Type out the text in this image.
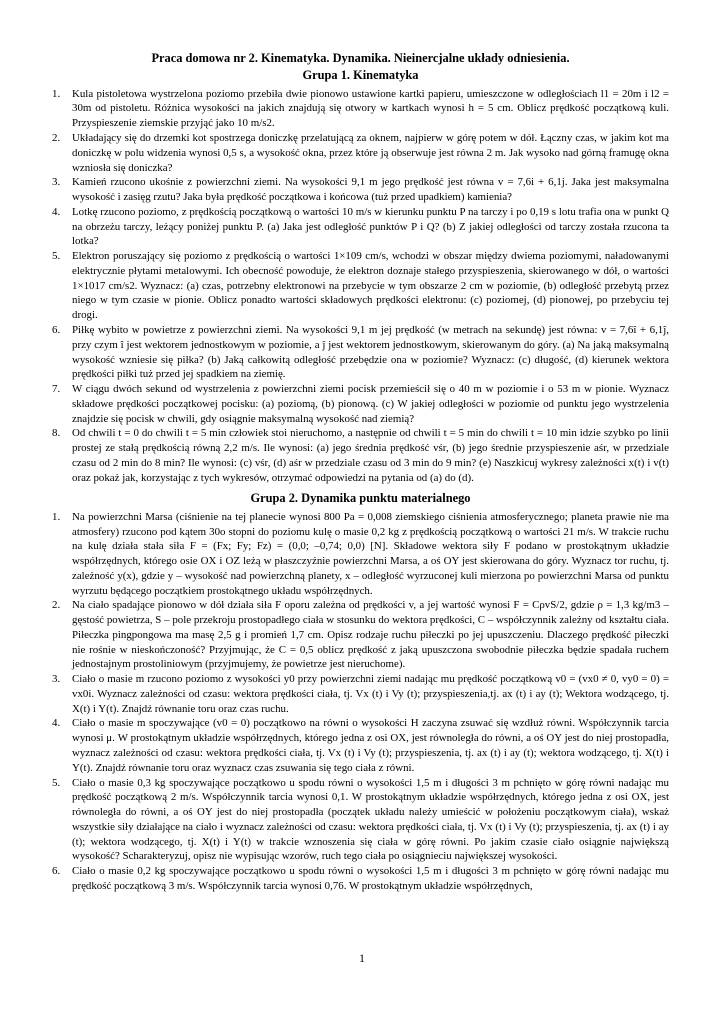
Praca domowa nr 2. Kinematyka. Dynamika. Nieinercjalne układy odniesienia.
Grupa 1. Kinematyka
1.	Kula pistoletowa wystrzelona poziomo przebiła dwie pionowo ustawione kartki papieru, umieszczone w odległościach l1 = 20m i l2 = 30m od pistoletu. Różnica wysokości na jakich znajdują się otwory w kartkach wynosi h = 5 cm. Oblicz prędkość początkową kuli. Przyspieszenie ziemskie przyjąć jako 10 m/s2.
2.	Układający się do drzemki kot spostrzega doniczkę przelatującą za oknem, najpierw w górę potem w dół. Łączny czas, w jakim kot ma doniczkę w polu widzenia wynosi 0,5 s, a wysokość okna, przez które ją obserwuje jest równa 2 m. Jak wysoko nad górną framugę okna wzniosła się doniczka?
3.	Kamień rzucono ukośnie z powierzchni ziemi. Na wysokości 9,1 m jego prędkość jest równa v = 7,6i + 6,1j. Jaka jest maksymalna wysokość i zasięg rzutu? Jaka była prędkość początkowa i końcowa (tuż przed upadkiem) kamienia?
4.	Lotkę rzucono poziomo, z prędkością początkową o wartości 10 m/s w kierunku punktu P na tarczy i po 0,19 s lotu trafia ona w punkt Q na obrzeżu tarczy, leżący poniżej punktu P. (a) Jaka jest odległość punktów P i Q? (b) Z jakiej odległości od tarczy została rzucona ta lotka?
5.	Elektron poruszający się poziomo z prędkością o wartości 1×109 cm/s, wchodzi w obszar między dwiema poziomymi, naładowanymi elektrycznie płytami metalowymi. Ich obecność powoduje, że elektron doznaje stałego przyspieszenia, skierowanego w dół, o wartości 1×1017 cm/s2. Wyznacz: (a) czas, potrzebny elektronowi na przebycie w tym obszarze 2 cm w poziomie, (b) odległość przebytą przez niego w tym czasie w pionie. Oblicz ponadto wartości składowych prędkości elektronu: (c) poziomej, (d) pionowej, po przebyciu tej drogi.
6.	Piłkę wybito w powietrze z powierzchni ziemi. Na wysokości 9,1 m jej prędkość (w metrach na sekundę) jest równa: v = 7,6î + 6,1ĵ, przy czym î jest wektorem jednostkowym w poziomie, a ĵ jest wektorem jednostkowym, skierowanym do góry. (a) Na jaką maksymalną wysokość wzniesie się piłka? (b) Jaką całkowitą odległość przebędzie ona w poziomie? Wyznacz: (c) długość, (d) kierunek wektora prędkości piłki tuż przed jej spadkiem na ziemię.
7.	W ciągu dwóch sekund od wystrzelenia z powierzchni ziemi pocisk przemieścił się o 40 m w poziomie i o 53 m w pionie. Wyznacz składowe prędkości początkowej pocisku: (a) poziomą, (b) pionową. (c) W jakiej odległości w poziomie od punktu jego wystrzelenia znajdzie się pocisk w chwili, gdy osiągnie maksymalną wysokość nad ziemią?
8.	Od chwili t = 0 do chwili t = 5 min człowiek stoi nieruchomo, a następnie od chwili t = 5 min do chwili t = 10 min idzie szybko po linii prostej ze stałą prędkością równą 2,2 m/s. Ile wynosi: (a) jego średnia prędkość vśr, (b) jego średnie przyspieszenie aśr, w przedziale czasu od 2 min do 8 min? Ile wynosi: (c) vśr, (d) aśr w przedziale czasu od 3 min do 9 min? (e) Naszkicuj wykresy zależności x(t) i v(t) oraz pokaż jak, korzystając z tych wykresów, otrzymać odpowiedzi na pytania od (a) do (d).
Grupa 2. Dynamika punktu materialnego
1.	Na powierzchni Marsa (ciśnienie na tej planecie wynosi 800 Pa = 0,008 ziemskiego ciśnienia atmosferycznego; planeta prawie nie ma atmosfery) rzucono pod kątem 30o stopni do poziomu kulę o masie 0,2 kg z prędkością początkową o wartości 21 m/s. W trakcie ruchu na kulę działa stała siła F = (Fx; Fy; Fz) = (0,0; –0,74; 0,0) [N]. Składowe wektora siły F podano w prostokątnym układzie współrzędnych, którego osie OX i OZ leżą w płaszczyźnie powierzchni Marsa, a oś OY jest skierowana do góry. Wyznacz tor ruchu, tj. zależność y(x), gdzie y – wysokość nad powierzchną planety, x – odległość wyrzuconej kuli mierzona po powierzchni Marsa od punktu wyrzutu będącego początkiem prostokątnego układu współrzędnych.
2.	Na ciało spadające pionowo w dół działa siła F oporu zależna od prędkości v, a jej wartość wynosi F = CρvS/2, gdzie ρ = 1,3 kg/m3 – gęstość powietrza, S – pole przekroju prostopadłego ciała w stosunku do wektora prędkości, C – współczynnik zależny od kształtu ciała. Piłeczka pingpongowa ma masę 2,5 g i promień 1,7 cm. Opisz rodzaje ruchu piłeczki po jej upuszczeniu. Dlaczego prędkość piłeczki nie rośnie w nieskończoność? Przyjmując, że C = 0,5 oblicz prędkość z jaką upuszczona swobodnie piłeczka będzie spadała ruchem jednostajnym prostoliniowym (przyjmujemy, że powietrze jest nieruchome).
3.	Ciało o masie m rzucono poziomo z wysokości y0 przy powierzchni ziemi nadając mu prędkość początkową v0 = (vx0 ≠ 0, vy0 = 0) = vx0i. Wyznacz zależności od czasu: wektora prędkości ciała, tj. Vx (t) i Vy (t); przyspieszenia,tj. ax (t) i ay (t); Wektora wodzącego, tj. X(t) i Y(t). Znajdź równanie toru oraz czas ruchu.
4.	Ciało o masie m spoczywające (v0 = 0) początkowo na równi o wysokości H zaczyna zsuwać się wzdłuż równi. Współczynnik tarcia wynosi μ. W prostokątnym układzie współrzędnych, którego jedna z osi OX, jest równoległa do równi, a oś OY jest do niej prostopadła, wyznacz zależności od czasu: wektora prędkości ciała, tj. Vx (t) i Vy (t); przyspieszenia, tj. ax (t) i ay (t); wektora wodzącego, tj. X(t) i Y(t). Znajdź równanie toru oraz wyznacz czas zsuwania się tego ciała z równi.
5.	Ciało o masie 0,3 kg spoczywające początkowo u spodu równi o wysokości 1,5 m i długości 3 m pchnięto w górę równi nadając mu prędkość początkową 2 m/s. Współczynnik tarcia wynosi 0,1. W prostokątnym układzie współrzędnych, którego jedna z osi OX, jest równoległa do równi, a oś OY jest do niej prostopadła (początek układu należy umieścić w położeniu początkowym ciała), wskaż wszystkie siły działające na ciało i wyznacz zależności od czasu: wektora prędkości ciała, tj. Vx (t) i Vy (t); przyspieszenia, tj. ax (t) i ay (t); wektora wodzącego, tj. X(t) i Y(t) w trakcie wznoszenia się ciała w górę równi. Po jakim czasie ciało osiągnie największą wysokość? Scharakteryzuj, opisz nie wypisując wzorów, ruch tego ciała po osiągnieciu największej wysokości.
6.	Ciało o masie 0,2 kg spoczywające początkowo u spodu równi o wysokości 1,5 m i długości 3 m pchnięto w górę równi nadając mu prędkość początkową 3 m/s. Współczynnik tarcia wynosi 0,76. W prostokątnym układzie współrzędnych,
1
